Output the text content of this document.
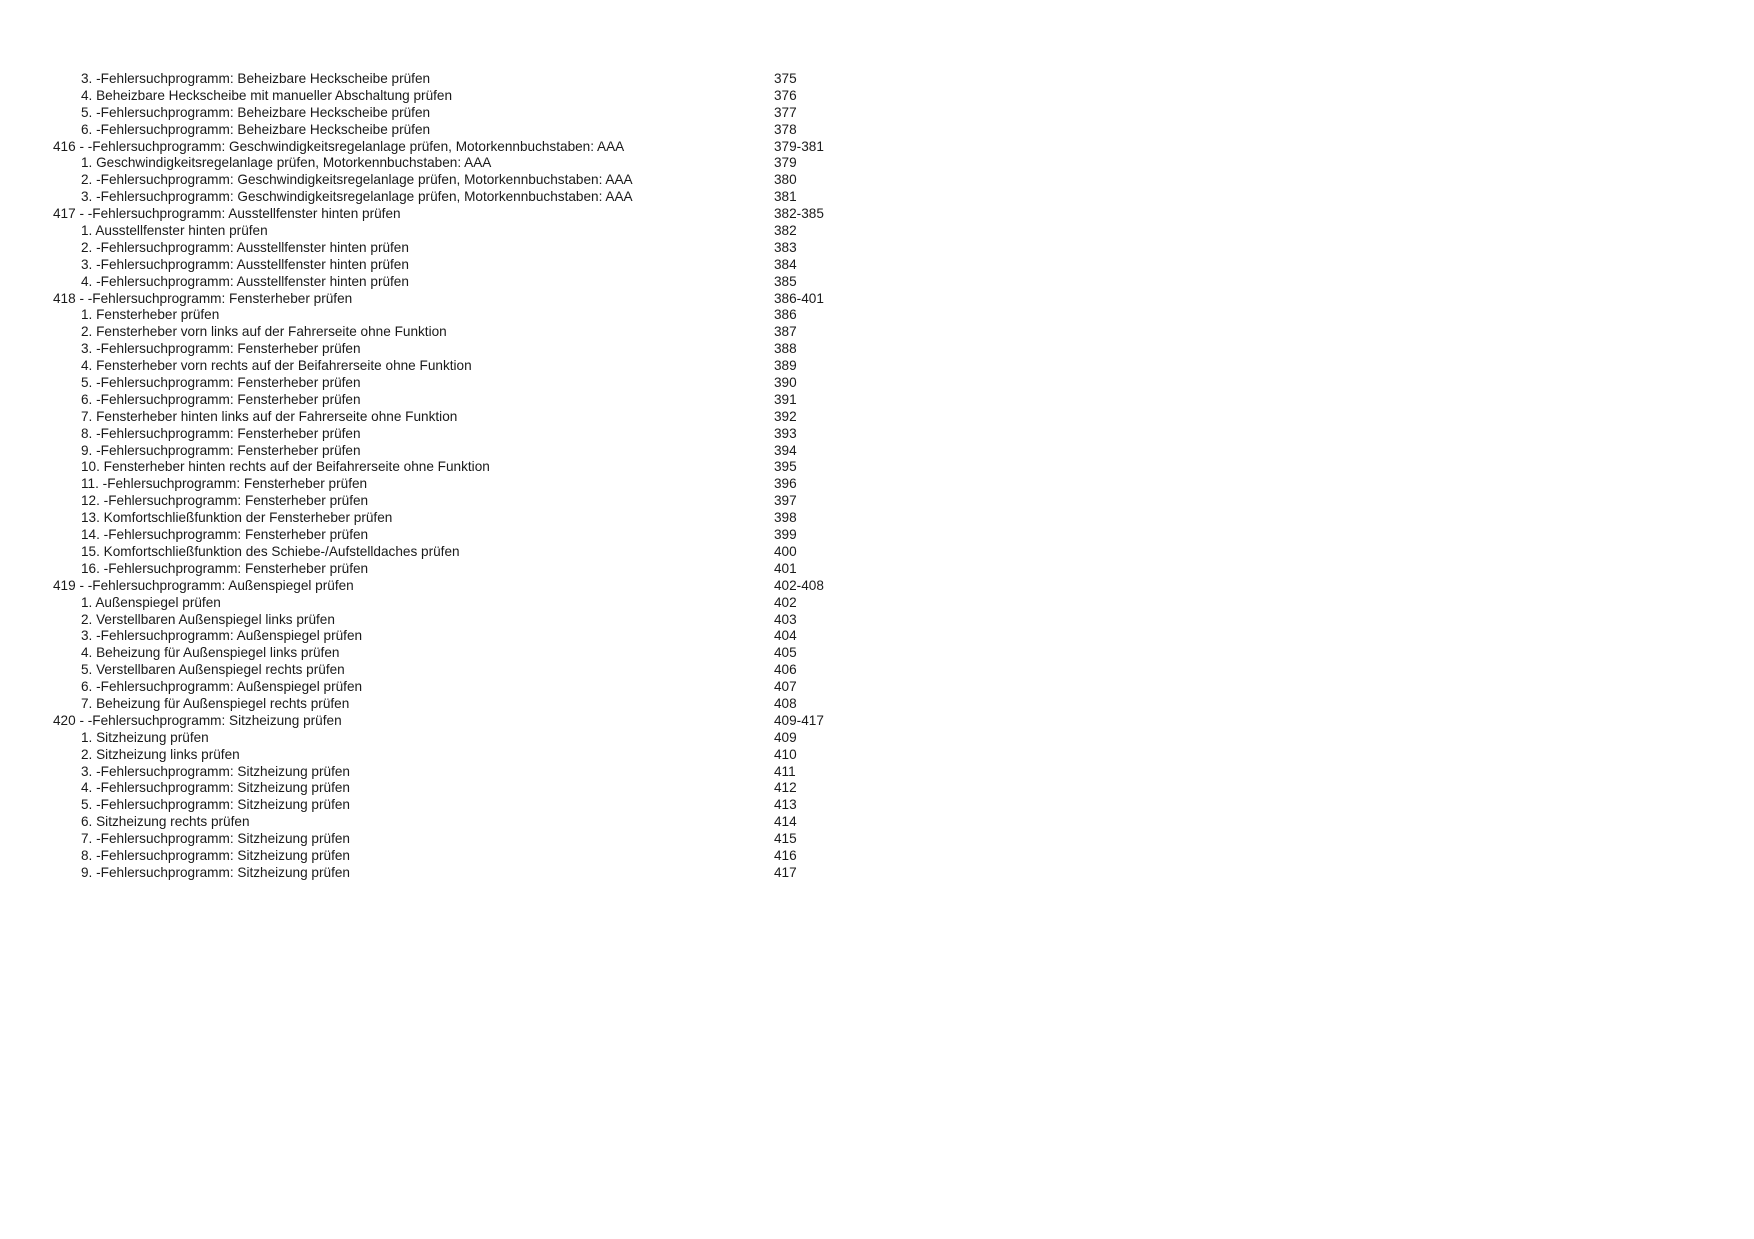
3. -Fehlersuchprogramm: Beheizbare Heckscheibe prüfen	375
4. Beheizbare Heckscheibe mit manueller Abschaltung prüfen	376
5. -Fehlersuchprogramm: Beheizbare Heckscheibe prüfen	377
6. -Fehlersuchprogramm: Beheizbare Heckscheibe prüfen	378
416 - -Fehlersuchprogramm: Geschwindigkeitsregelanlage prüfen, Motorkennbuchstaben: AAA	379-381
1. Geschwindigkeitsregelanlage prüfen, Motorkennbuchstaben: AAA	379
2. -Fehlersuchprogramm: Geschwindigkeitsregelanlage prüfen, Motorkennbuchstaben: AAA	380
3. -Fehlersuchprogramm: Geschwindigkeitsregelanlage prüfen, Motorkennbuchstaben: AAA	381
417 - -Fehlersuchprogramm: Ausstellfenster hinten prüfen	382-385
1. Ausstellfenster hinten prüfen	382
2. -Fehlersuchprogramm: Ausstellfenster hinten prüfen	383
3. -Fehlersuchprogramm: Ausstellfenster hinten prüfen	384
4. -Fehlersuchprogramm: Ausstellfenster hinten prüfen	385
418 - -Fehlersuchprogramm: Fensterheber prüfen	386-401
1. Fensterheber prüfen	386
2. Fensterheber vorn links auf der Fahrerseite ohne Funktion	387
3. -Fehlersuchprogramm: Fensterheber prüfen	388
4. Fensterheber vorn rechts auf der Beifahrerseite ohne Funktion	389
5. -Fehlersuchprogramm: Fensterheber prüfen	390
6. -Fehlersuchprogramm: Fensterheber prüfen	391
7. Fensterheber hinten links auf der Fahrerseite ohne Funktion	392
8. -Fehlersuchprogramm: Fensterheber prüfen	393
9. -Fehlersuchprogramm: Fensterheber prüfen	394
10. Fensterheber hinten rechts auf der Beifahrerseite ohne Funktion	395
11. -Fehlersuchprogramm: Fensterheber prüfen	396
12. -Fehlersuchprogramm: Fensterheber prüfen	397
13. Komfortschließfunktion der Fensterheber prüfen	398
14. -Fehlersuchprogramm: Fensterheber prüfen	399
15. Komfortschließfunktion des Schiebe-/Aufstelldaches prüfen	400
16. -Fehlersuchprogramm: Fensterheber prüfen	401
419 - -Fehlersuchprogramm: Außenspiegel prüfen	402-408
1. Außenspiegel prüfen	402
2. Verstellbaren Außenspiegel links prüfen	403
3. -Fehlersuchprogramm: Außenspiegel prüfen	404
4. Beheizung für Außenspiegel links prüfen	405
5. Verstellbaren Außenspiegel rechts prüfen	406
6. -Fehlersuchprogramm: Außenspiegel prüfen	407
7. Beheizung für Außenspiegel rechts prüfen	408
420 - -Fehlersuchprogramm: Sitzheizung prüfen	409-417
1. Sitzheizung prüfen	409
2. Sitzheizung links prüfen	410
3. -Fehlersuchprogramm: Sitzheizung prüfen	411
4. -Fehlersuchprogramm: Sitzheizung prüfen	412
5. -Fehlersuchprogramm: Sitzheizung prüfen	413
6. Sitzheizung rechts prüfen	414
7. -Fehlersuchprogramm: Sitzheizung prüfen	415
8. -Fehlersuchprogramm: Sitzheizung prüfen	416
9. -Fehlersuchprogramm: Sitzheizung prüfen	417
